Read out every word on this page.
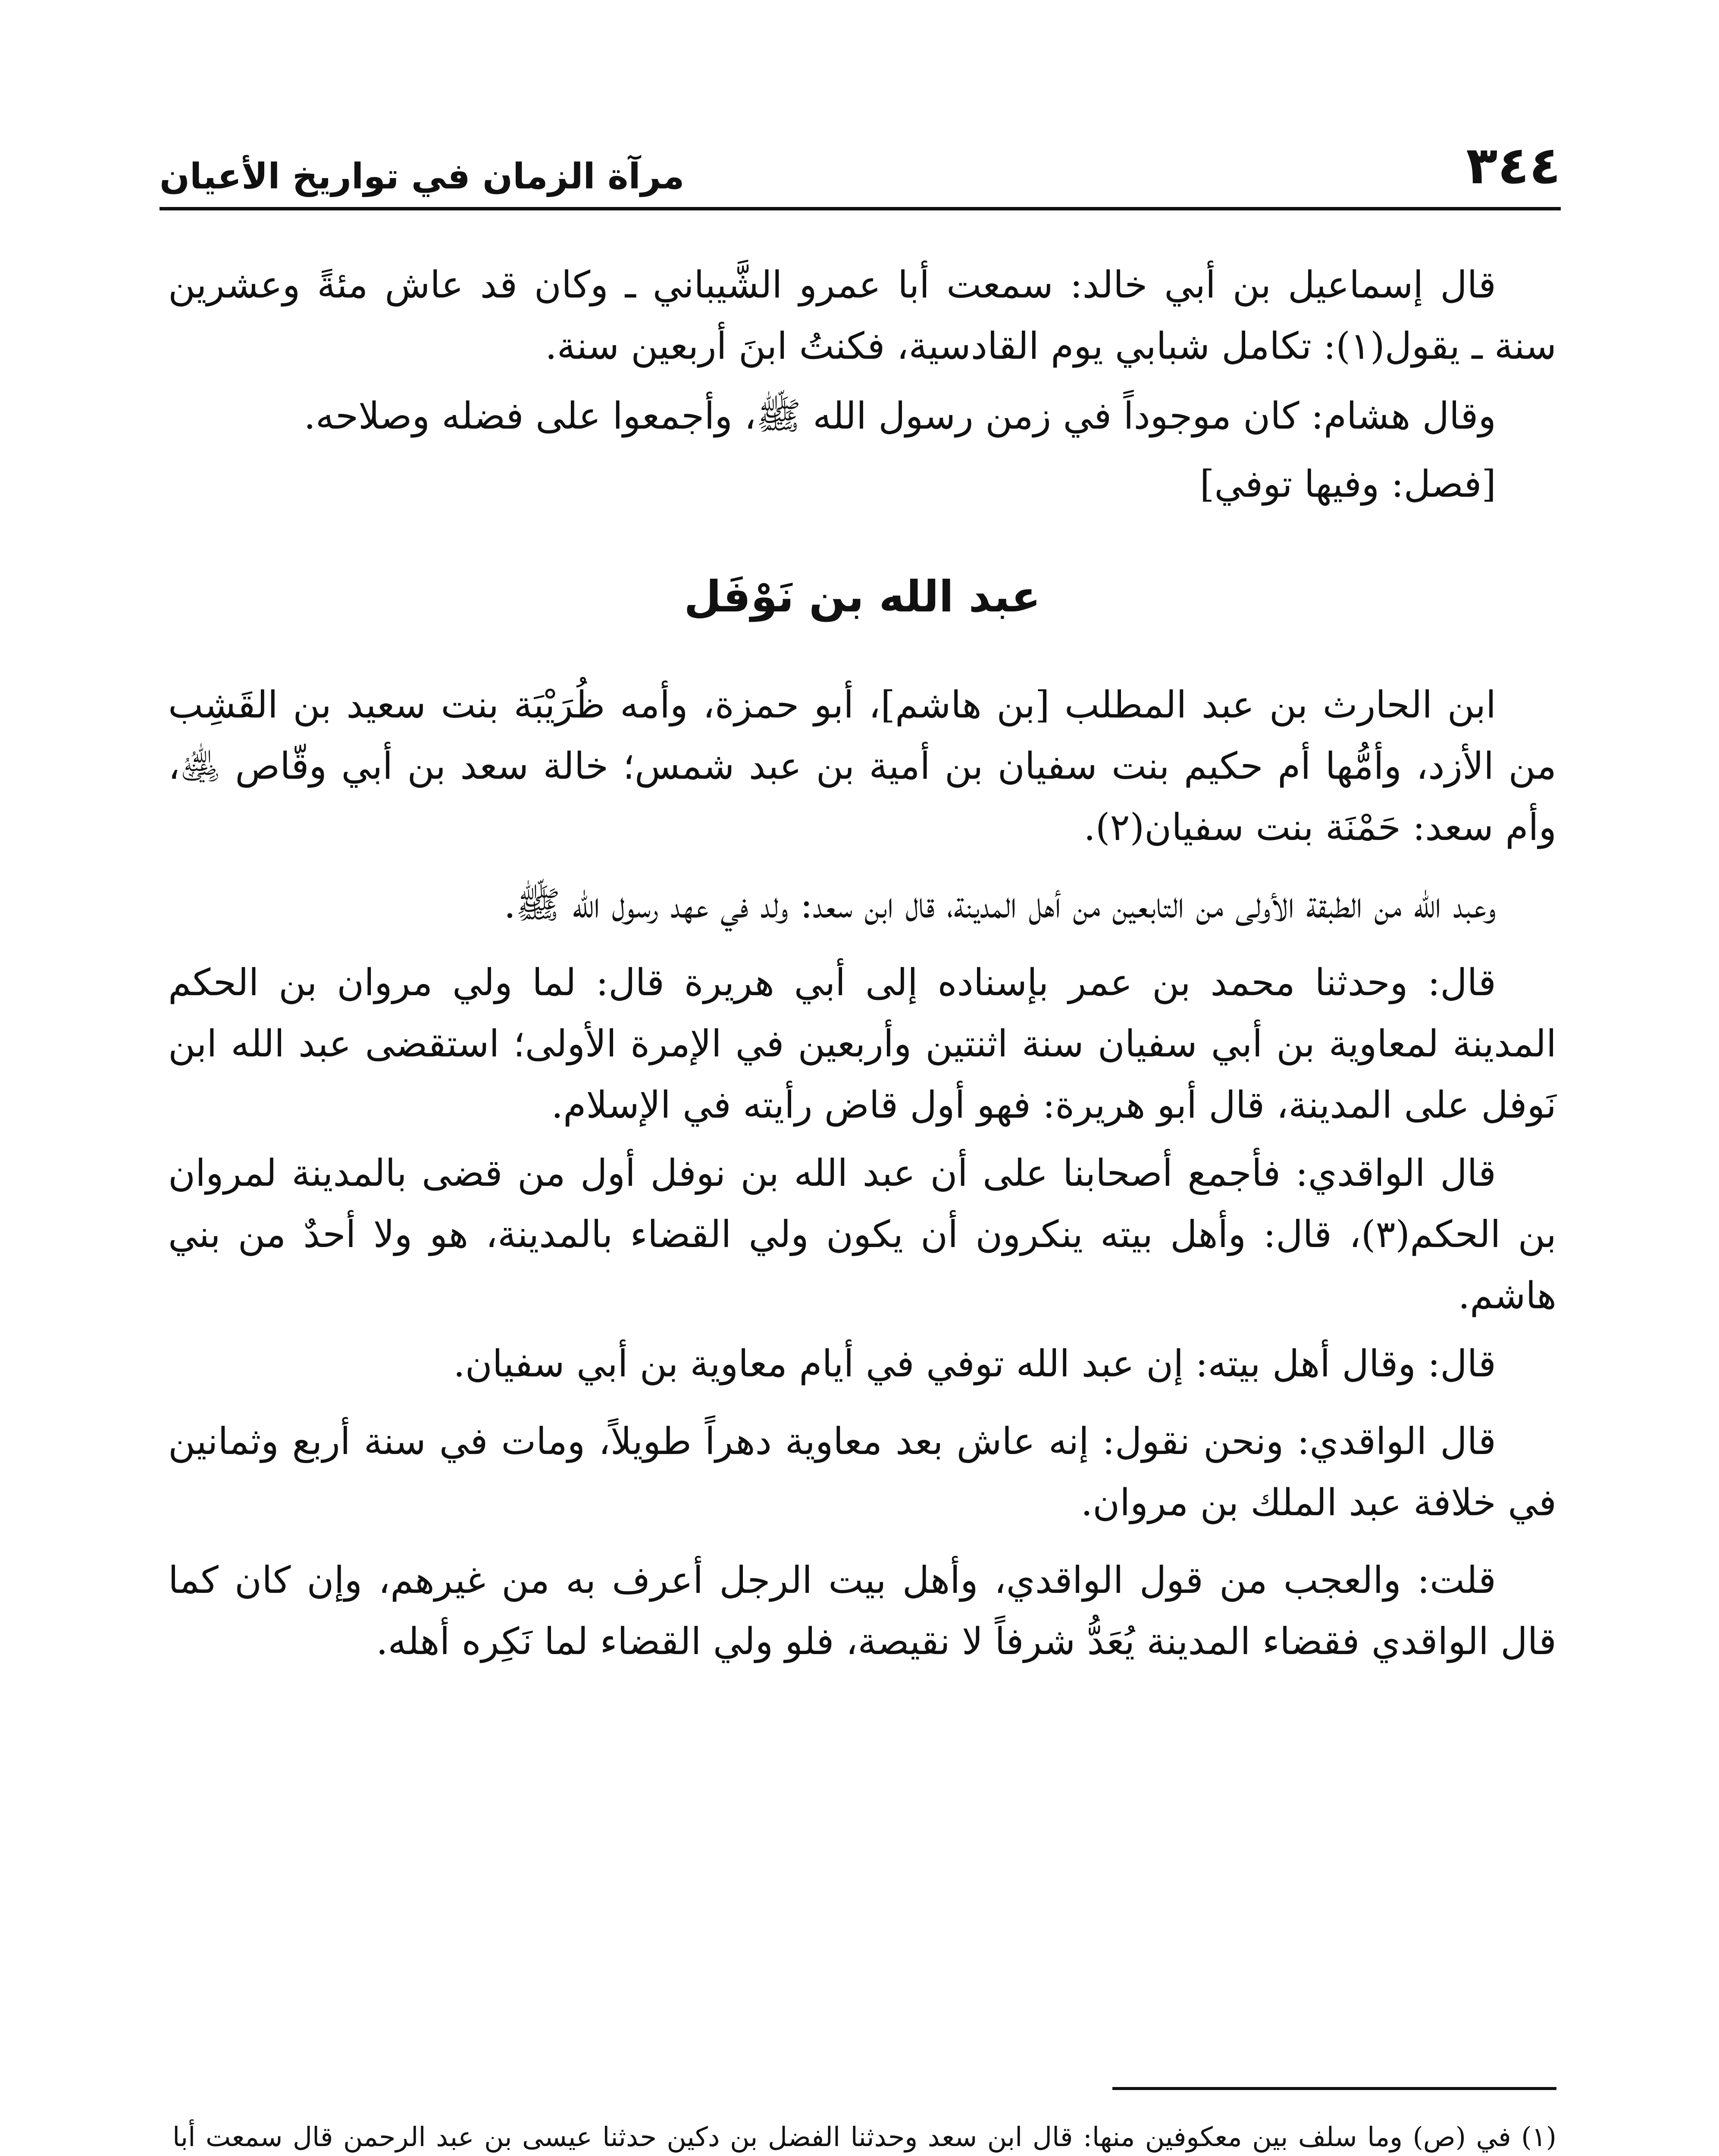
٣٤٤
مرآة الزمان في تواريخ الأعيان

قال إسماعيل بن أبي خالد: سمعت أبا عمرو الشَّيباني ـ وكان قد عاش مئةً وعشرين سنة ـ يقول(١): تكامل شبابي يوم القادسية، فكنتُ ابنَ أربعين سنة.

وقال هشام: كان موجوداً في زمن رسول الله ﷺ، وأجمعوا على فضله وصلاحه.

[فصل: وفيها توفي]

عبد الله بن نَوْفَل

ابن الحارث بن عبد المطلب [بن هاشم]، أبو حمزة، وأمه ظُرَيْبَة بنت سعيد بن القَشِب من الأزد، وأمُّها أم حكيم بنت سفيان بن أمية بن عبد شمس؛ خالة سعد بن أبي وقّاص ﵁، وأم سعد: حَمْنَة بنت سفيان(٢).

وعبد الله من الطبقة الأولى من التابعين من أهل المدينة، قال ابن سعد: ولد في عهد رسول الله ﷺ.

قال: وحدثنا محمد بن عمر بإسناده إلى أبي هريرة قال: لما ولي مروان بن الحكم المدينة لمعاوية بن أبي سفيان سنة اثنتين وأربعين في الإمرة الأولى؛ استقضى عبد الله ابن نَوفل على المدينة، قال أبو هريرة: فهو أول قاض رأيته في الإسلام.

قال الواقدي: فأجمع أصحابنا على أن عبد الله بن نوفل أول من قضى بالمدينة لمروان بن الحكم(٣)، قال: وأهل بيته ينكرون أن يكون ولي القضاء بالمدينة، هو ولا أحدٌ من بني هاشم.

قال: وقال أهل بيته: إن عبد الله توفي في أيام معاوية بن أبي سفيان.

قال الواقدي: ونحن نقول: إنه عاش بعد معاوية دهراً طويلاً، ومات في سنة أربع وثمانين في خلافة عبد الملك بن مروان.

قلت: والعجب من قول الواقدي، وأهل بيت الرجل أعرف به من غيرهم، وإن كان كما قال الواقدي فقضاء المدينة يُعَدُّ شرفاً لا نقيصة، فلو ولي القضاء لما نَكِره أهله.

(١) في (ص) وما سلف بين معكوفين منها: قال ابن سعد وحدثنا الفضل بن دكين حدثنا عيسى بن عبد الرحمن قال سمعت أبا
